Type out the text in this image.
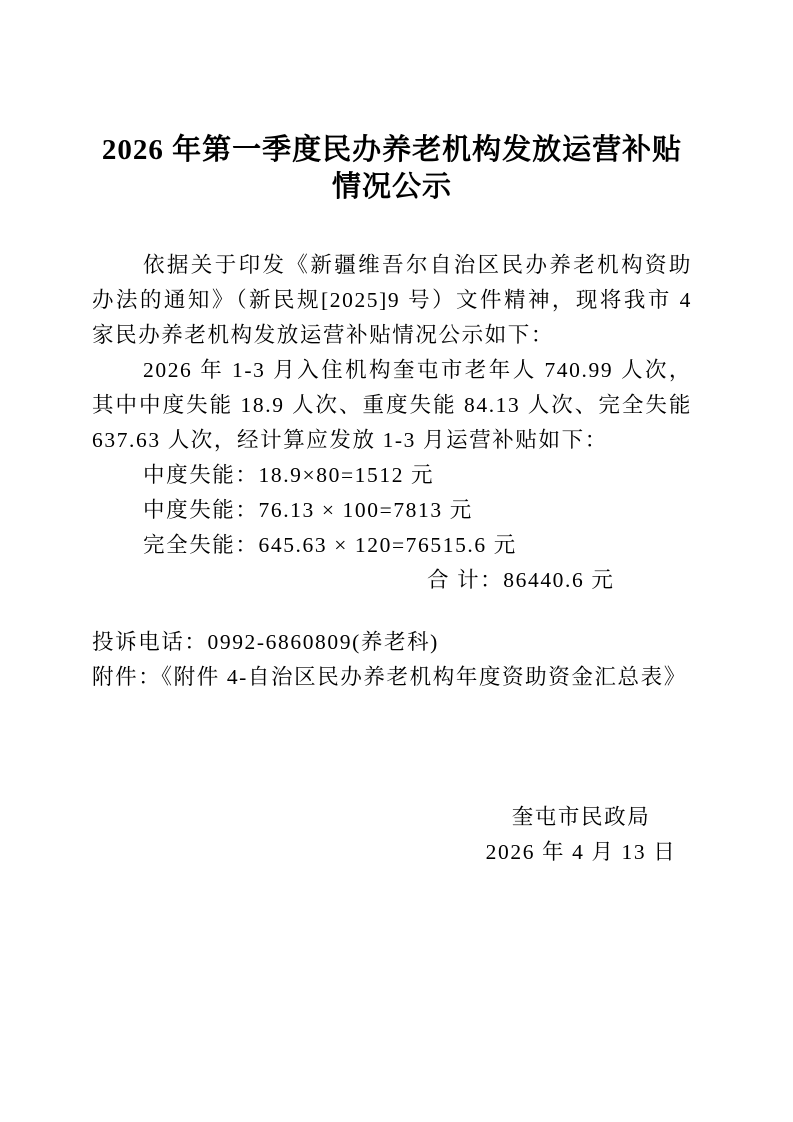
2026 年第一季度民办养老机构发放运营补贴
情况公示

依据关于印发《新疆维吾尔自治区民办养老机构资助办法的通知》（新民规[2025]9 号）文件精神，现将我市 4 家民办养老机构发放运营补贴情况公示如下：

2026 年 1-3 月入住机构奎屯市老年人 740.99 人次，其中中度失能 18.9 人次、重度失能 84.13 人次、完全失能 637.63 人次，经计算应发放 1-3 月运营补贴如下：

中度失能：18.9×80=1512 元

中度失能：76.13 × 100=7813 元

完全失能：645.63 × 120=76515.6 元

合 计：86440.6 元

投诉电话：0992-6860809(养老科)

附件：《附件 4-自治区民办养老机构年度资助资金汇总表》

奎屯市民政局

2026 年 4 月 13 日
